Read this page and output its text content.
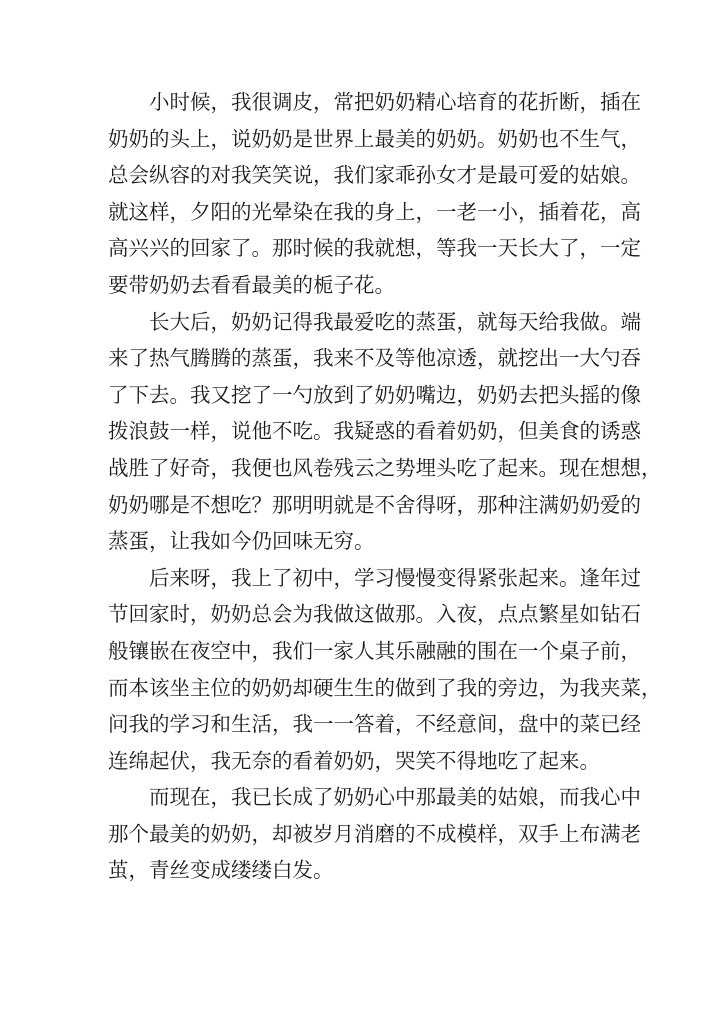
小时候，我很调皮，常把奶奶精心培育的花折断，插在
奶奶的头上，说奶奶是世界上最美的奶奶。奶奶也不生气，
总会纵容的对我笑笑说，我们家乖孙女才是最可爱的姑娘。
就这样，夕阳的光晕染在我的身上，一老一小，插着花，高
高兴兴的回家了。那时候的我就想，等我一天长大了，一定
要带奶奶去看看最美的栀子花。
长大后，奶奶记得我最爱吃的蒸蛋，就每天给我做。端
来了热气腾腾的蒸蛋，我来不及等他凉透，就挖出一大勺吞
了下去。我又挖了一勺放到了奶奶嘴边，奶奶去把头摇的像
拨浪鼓一样，说他不吃。我疑惑的看着奶奶，但美食的诱惑
战胜了好奇，我便也风卷残云之势埋头吃了起来。现在想想，
奶奶哪是不想吃？那明明就是不舍得呀，那种注满奶奶爱的
蒸蛋，让我如今仍回味无穷。
后来呀，我上了初中，学习慢慢变得紧张起来。逢年过
节回家时，奶奶总会为我做这做那。入夜，点点繁星如钻石
般镶嵌在夜空中，我们一家人其乐融融的围在一个桌子前，
而本该坐主位的奶奶却硬生生的做到了我的旁边，为我夹菜，
问我的学习和生活，我一一答着，不经意间，盘中的菜已经
连绵起伏，我无奈的看着奶奶，哭笑不得地吃了起来。
而现在，我已长成了奶奶心中那最美的姑娘，而我心中
那个最美的奶奶，却被岁月消磨的不成模样，双手上布满老
茧，青丝变成缕缕白发。
